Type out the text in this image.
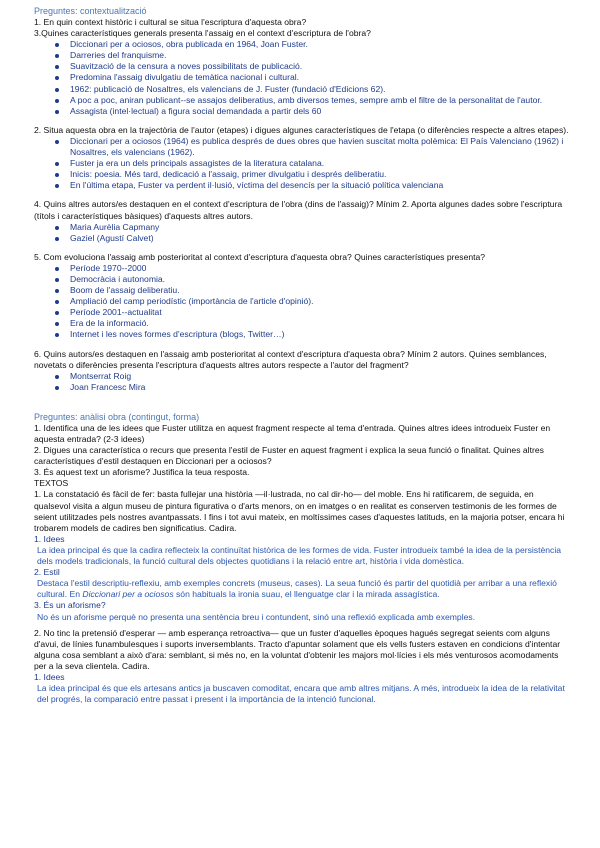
Preguntes: contextualització

1. En quin context històric i cultural se situa l'escriptura d'aquesta obra?

3.Quines característiques generals presenta l'assaig en el context d'escriptura de l'obra?

Diccionari per a ociosos, obra publicada en 1964, Joan Fuster.
Darreries del franquisme.
Suavització de la censura a noves possibilitats de publicació.
Predomina l'assaig divulgatiu de temàtica nacional i cultural.
1962: publicació de Nosaltres, els valencians de J. Fuster (fundació d'Edicions 62).
A poc a poc, aniran publicant--se assajos deliberatius, amb diversos temes, sempre amb el filtre de la personalitat de l'autor.
Assagista (intel·lectual) a figura social demandada a partir dels 60

2. Situa aquesta obra en la trajectòria de l'autor (etapes) i digues algunes característiques de l'etapa (o diferències respecte a altres etapes).

Diccionari per a ociosos (1964) es publica després de dues obres que havien suscitat molta polèmica: El País Valenciano (1962) i Nosaltres, els valencians (1962).
Fuster ja era un dels principals assagistes de la literatura catalana.
Inicis: poesia. Més tard, dedicació a l'assaig, primer divulgatiu i després deliberatiu.
En l'última etapa, Fuster va perdent il·lusió, víctima del desencís per la situació política valenciana

4. Quins altres autors/es destaquen en el context d'escriptura de l'obra (dins de l'assaig)? Mínim 2. Aporta algunes dades sobre l'escriptura (títols i característiques bàsiques) d'aquests altres autors.

Maria Aurèlia Capmany
Gaziel (Agustí Calvet)

5. Com evoluciona l'assaig amb posterioritat al context d'escriptura d'aquesta obra? Quines característiques presenta?

Període 1970--2000
Democràcia i autonomia.
Boom de l'assaig deliberatiu.
Ampliació del camp periodístic (importància de l'article d'opinió).
Període 2001--actualitat
Era de la informació.
Internet i les noves formes d'escriptura (blogs, Twitter…)

6. Quins autors/es destaquen en l'assaig amb posterioritat al context d'escriptura d'aquesta obra? Mínim 2 autors. Quines semblances, novetats o diferències presenta l'escriptura d'aquests altres autors respecte a l'autor del fragment?

Montserrat Roig
Joan Francesc Mira
Preguntes: anàlisi obra (contingut, forma)

1. Identifica una de les idees que Fuster utilitza en aquest fragment respecte al tema d'entrada. Quines altres idees introdueix Fuster en aquesta entrada? (2-3 idees)

2. Digues una característica o recurs que presenta l'estil de Fuster en aquest fragment i explica la seua funció o finalitat. Quines altres característiques d'estil destaquen en Diccionari per a ociosos?

3. És aquest text un aforisme? Justifica la teua resposta.

TEXTOS

1. La constatació és fàcil de fer: basta fullejar una història —il·lustrada, no cal dir-ho— del moble. Ens hi ratificarem, de seguida, en qualsevol visita a algun museu de pintura figurativa o d'arts menors, on en imatges o en realitat es conserven testimonis de les formes de seient utilitzades pels nostres avantpassats. I fins i tot avui mateix, en moltíssimes cases d'aquestes latituds, en la majoria potser, encara hi trobarem models de cadires ben significatius. Cadira.

1. Idees

La idea principal és que la cadira reflecteix la continuïtat històrica de les formes de vida. Fuster introdueix també la idea de la persistència dels models tradicionals, la funció cultural dels objectes quotidians i la relació entre art, història i vida domèstica.

2. Estil

Destaca l'estil descriptiu-reflexiu, amb exemples concrets (museus, cases). La seua funció és partir del quotidià per arribar a una reflexió cultural. En Diccionari per a ociosos són habituals la ironia suau, el llenguatge clar i la mirada assagística.

3. És un aforisme?

No és un aforisme perquè no presenta una sentència breu i contundent, sinó una reflexió explicada amb exemples.

2. No tinc la pretensió d'esperar — amb esperança retroactiva— que un fuster d'aquelles èpoques hagués segregat seients com alguns d'avui, de línies funambulesques i suports inversemblants. Tracto d'apuntar solament que els vells fusters estaven en condicions d'intentar alguna cosa semblant a això d'ara: semblant, si més no, en la voluntat d'obtenir les majors mol·lícies i els més venturosos acomodaments per a la seva clientela. Cadira.

1. Idees

La idea principal és que els artesans antics ja buscaven comoditat, encara que amb altres mitjans. A més, introdueix la idea de la relativitat del progrés, la comparació entre passat i present i la importància de la intenció funcional.
